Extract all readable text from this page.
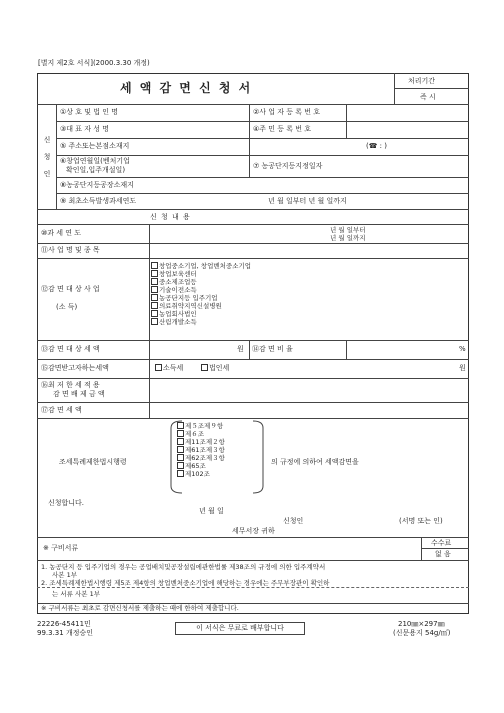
[별지 제2호 서식](2000.3.30 개정)
세 액 감 면 신 청 서	처리기간
즉 시
신청인
①상 호 및 법 인 명	②사 업 자 등 록 번 호
③대 표 자 성 명	④주 민 등 록 번 호
⑤ 주소또는본점소재지	(☎ : )
⑥창업연월일(벤처기업
확인일,입주개설일)	⑦ 농공단지등지정일자
⑧농공단지등공장소재지
⑨ 최초소득발생과세연도	년 월 일부터 년 월 일까지
신 청 내 용
⑩과 세 연 도	년 월 일부터
년 월 일까지
⑪사 업 명 및 종 목
⑫감 면 대 상 사 업
(소 득)
창업중소기업, 창업벤처중소기업
창업보육센터
중소제조업등
기술이전소득
농공단지등 입주기업
의료취약지역신설병원
농업회사법인
산림개발소득
⑬감 면 대 상 세 액	원 ⑭감 면 비 율	%
⑮감면받고자하는세액	소득세	법인세	원
⑯최 저 한 세 적 용
감 면 배 제 금 액
⑰감 면 세 액
조세특례제한법시행령
제５조제９항
제６조
제11조제２항
제61조제３항
제62조제３항
제65조
제102조
의 규정에 의하여 세액감면을
신청합니다.
년 월 일
신청인	(서명 또는 인)
세무서장 귀하
※ 구비서류
수수료
없 음
1. 농공단지 등 입주기업의 경우는 공업배치및공장설립에관한법률 제38조의 규정에 의한 입주계약서
사본 1부
2. 조세특례제한법시행령 제5조 제4항의 창업벤처중소기업에 해당하는 경우에는 주무부장관이 확인하
는 서류 사본 1부
※ 구비서류는 최초로 감면신청서를 제출하는 때에 한하여 제출합니다.
22226-45411민
99.3.31 개정승인
이 서식은 무료로 배부합니다	210㎜×297㎜
(신문용지 54g/㎡)
